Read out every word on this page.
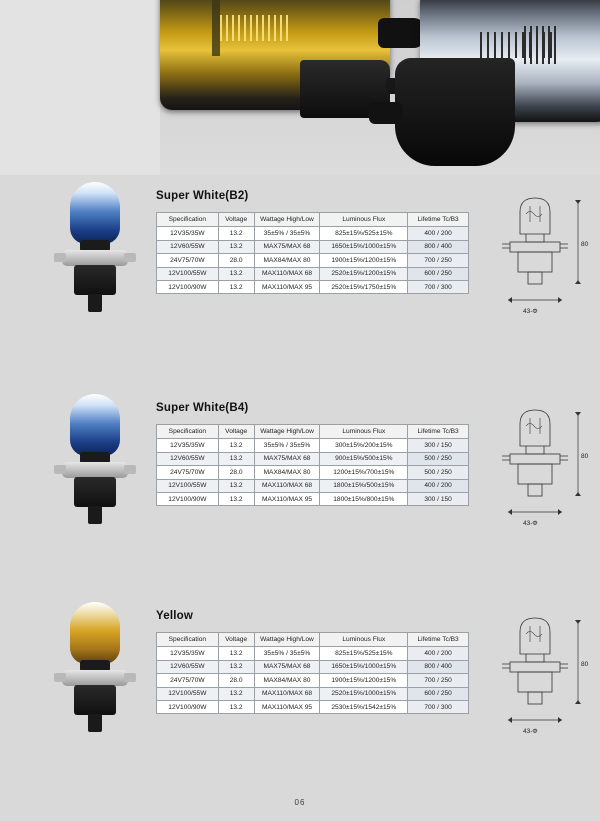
Super White(B2)
Specification	Voltage	Wattage High/Low	Luminous Flux	Lifetime Tc/B3
12V35/35W	13.2	35±5% / 35±5%	825±15%/525±15%	400 / 200
12V60/55W	13.2	MAX75/MAX 68	1650±15%/1000±15%	800 / 400
24V75/70W	28.0	MAX84/MAX 80	1900±15%/1200±15%	700 / 250
12V100/55W	13.2	MAX110/MAX 68	2520±15%/1200±15%	600 / 250
12V100/90W	13.2	MAX110/MAX 95	2520±15%/1750±15%	700 / 300
80
43-Φ
Super White(B4)
Specification	Voltage	Wattage High/Low	Luminous Flux	Lifetime Tc/B3
12V35/35W	13.2	35±5% / 35±5%	300±15%/200±15%	300 / 150
12V60/55W	13.2	MAX75/MAX 68	900±15%/500±15%	500 / 250
24V75/70W	28.0	MAX84/MAX 80	1200±15%/700±15%	500 / 250
12V100/55W	13.2	MAX110/MAX 68	1800±15%/500±15%	400 / 200
12V100/90W	13.2	MAX110/MAX 95	1800±15%/800±15%	300 / 150
80
43-Φ
Yellow
Specification	Voltage	Wattage High/Low	Luminous Flux	Lifetime Tc/B3
12V35/35W	13.2	35±5% / 35±5%	825±15%/525±15%	400 / 200
12V60/55W	13.2	MAX75/MAX 68	1650±15%/1000±15%	800 / 400
24V75/70W	28.0	MAX84/MAX 80	1900±15%/1200±15%	700 / 250
12V100/55W	13.2	MAX110/MAX 68	2520±15%/1000±15%	600 / 250
12V100/90W	13.2	MAX110/MAX 95	2530±15%/1542±15%	700 / 300
80
43-Φ
06
